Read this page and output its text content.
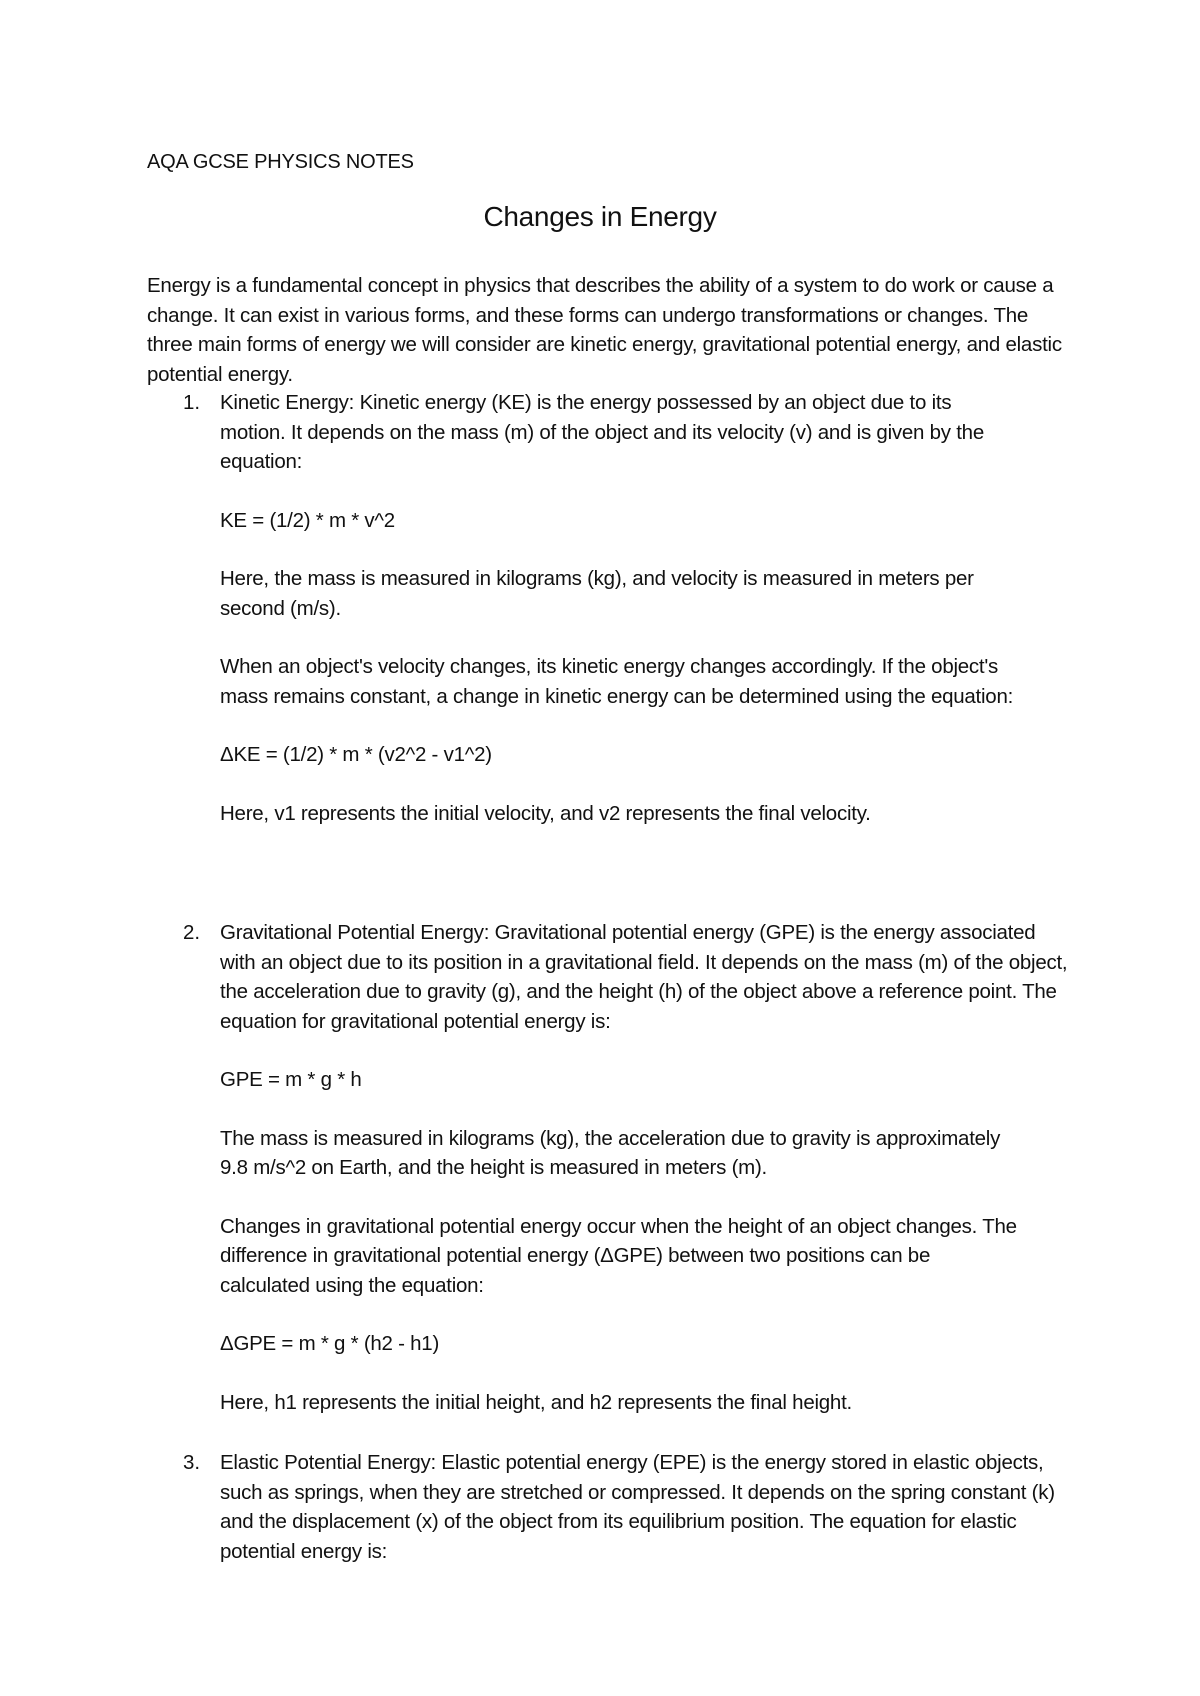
AQA GCSE PHYSICS NOTES
Changes in Energy

Energy is a fundamental concept in physics that describes the ability of a system to do work or cause a change. It can exist in various forms, and these forms can undergo transformations or changes. The three main forms of energy we will consider are kinetic energy, gravitational potential energy, and elastic potential energy.

1. Kinetic Energy: Kinetic energy (KE) is the energy possessed by an object due to its motion. It depends on the mass (m) of the object and its velocity (v) and is given by the equation:

KE = (1/2) * m * v^2

Here, the mass is measured in kilograms (kg), and velocity is measured in meters per second (m/s).

When an object's velocity changes, its kinetic energy changes accordingly. If the object's mass remains constant, a change in kinetic energy can be determined using the equation:

ΔKE = (1/2) * m * (v2^2 - v1^2)

Here, v1 represents the initial velocity, and v2 represents the final velocity.

2. Gravitational Potential Energy: Gravitational potential energy (GPE) is the energy associated with an object due to its position in a gravitational field. It depends on the mass (m) of the object, the acceleration due to gravity (g), and the height (h) of the object above a reference point. The equation for gravitational potential energy is:

GPE = m * g * h

The mass is measured in kilograms (kg), the acceleration due to gravity is approximately 9.8 m/s^2 on Earth, and the height is measured in meters (m).

Changes in gravitational potential energy occur when the height of an object changes. The difference in gravitational potential energy (ΔGPE) between two positions can be calculated using the equation:

ΔGPE = m * g * (h2 - h1)

Here, h1 represents the initial height, and h2 represents the final height.

3. Elastic Potential Energy: Elastic potential energy (EPE) is the energy stored in elastic objects, such as springs, when they are stretched or compressed. It depends on the spring constant (k) and the displacement (x) of the object from its equilibrium position. The equation for elastic potential energy is:
